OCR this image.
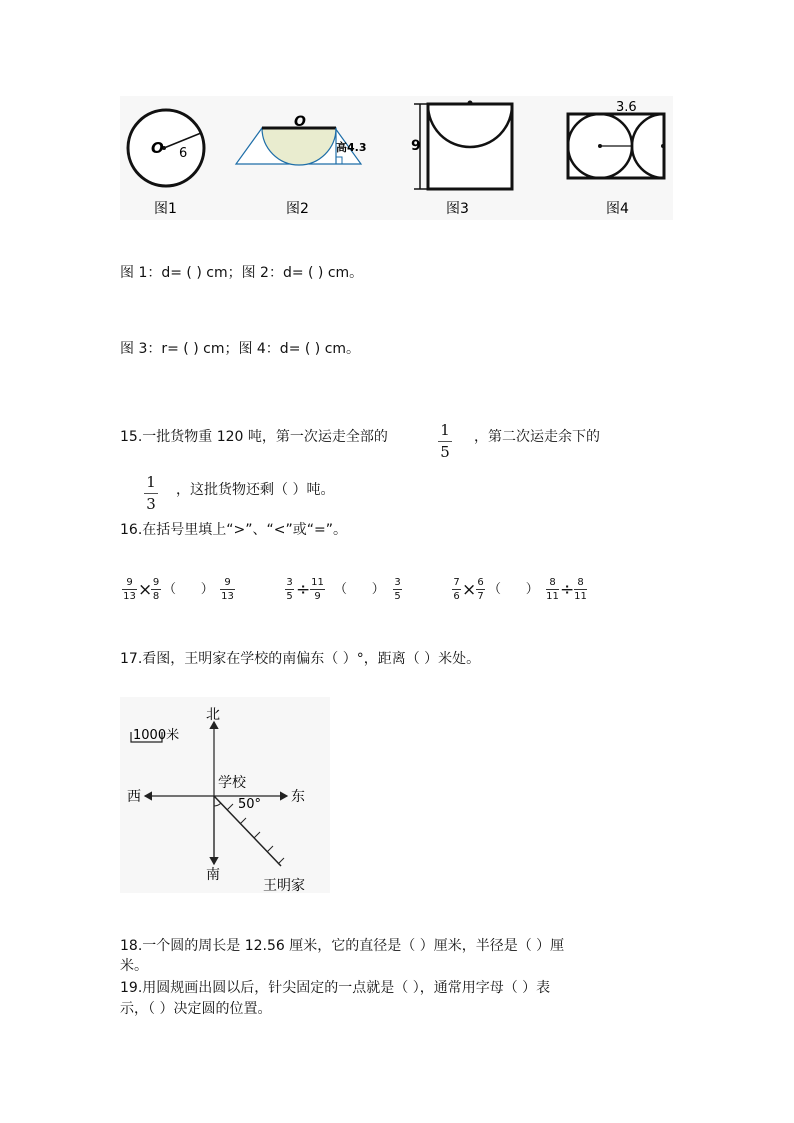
O 6
O
高4.3	9
3.6
图1	图2	图3	图4
图 1：d= ( ) cm；图 2：d= ( ) cm。
图 3：r= ( ) cm；图 4：d= ( ) cm。
15.一批货物重 120 吨，第一次运走全部的	1
5
，第二次运走余下的
1
3
，这批货物还剩（ ）吨。
16.在括号里填上“>”、“<”或“=”。
9
13 × 9
8 （      ）	9
13
3
5 ÷ 11
9	（      ） 3
5
7
6 × 6
7 （      ）	8
11 ÷ 8
11
17.看图，王明家在学校的南偏东（ ）°，距离（ ）米处。
1000米
北
南
东
西
学校
50°
王明家
18.一个圆的周长是 12.56 厘米，它的直径是（ ）厘米，半径是（ ）厘
米。
19.用圆规画出圆以后，针尖固定的一点就是（ ），通常用字母（ ）表
示，（ ）决定圆的位置。
